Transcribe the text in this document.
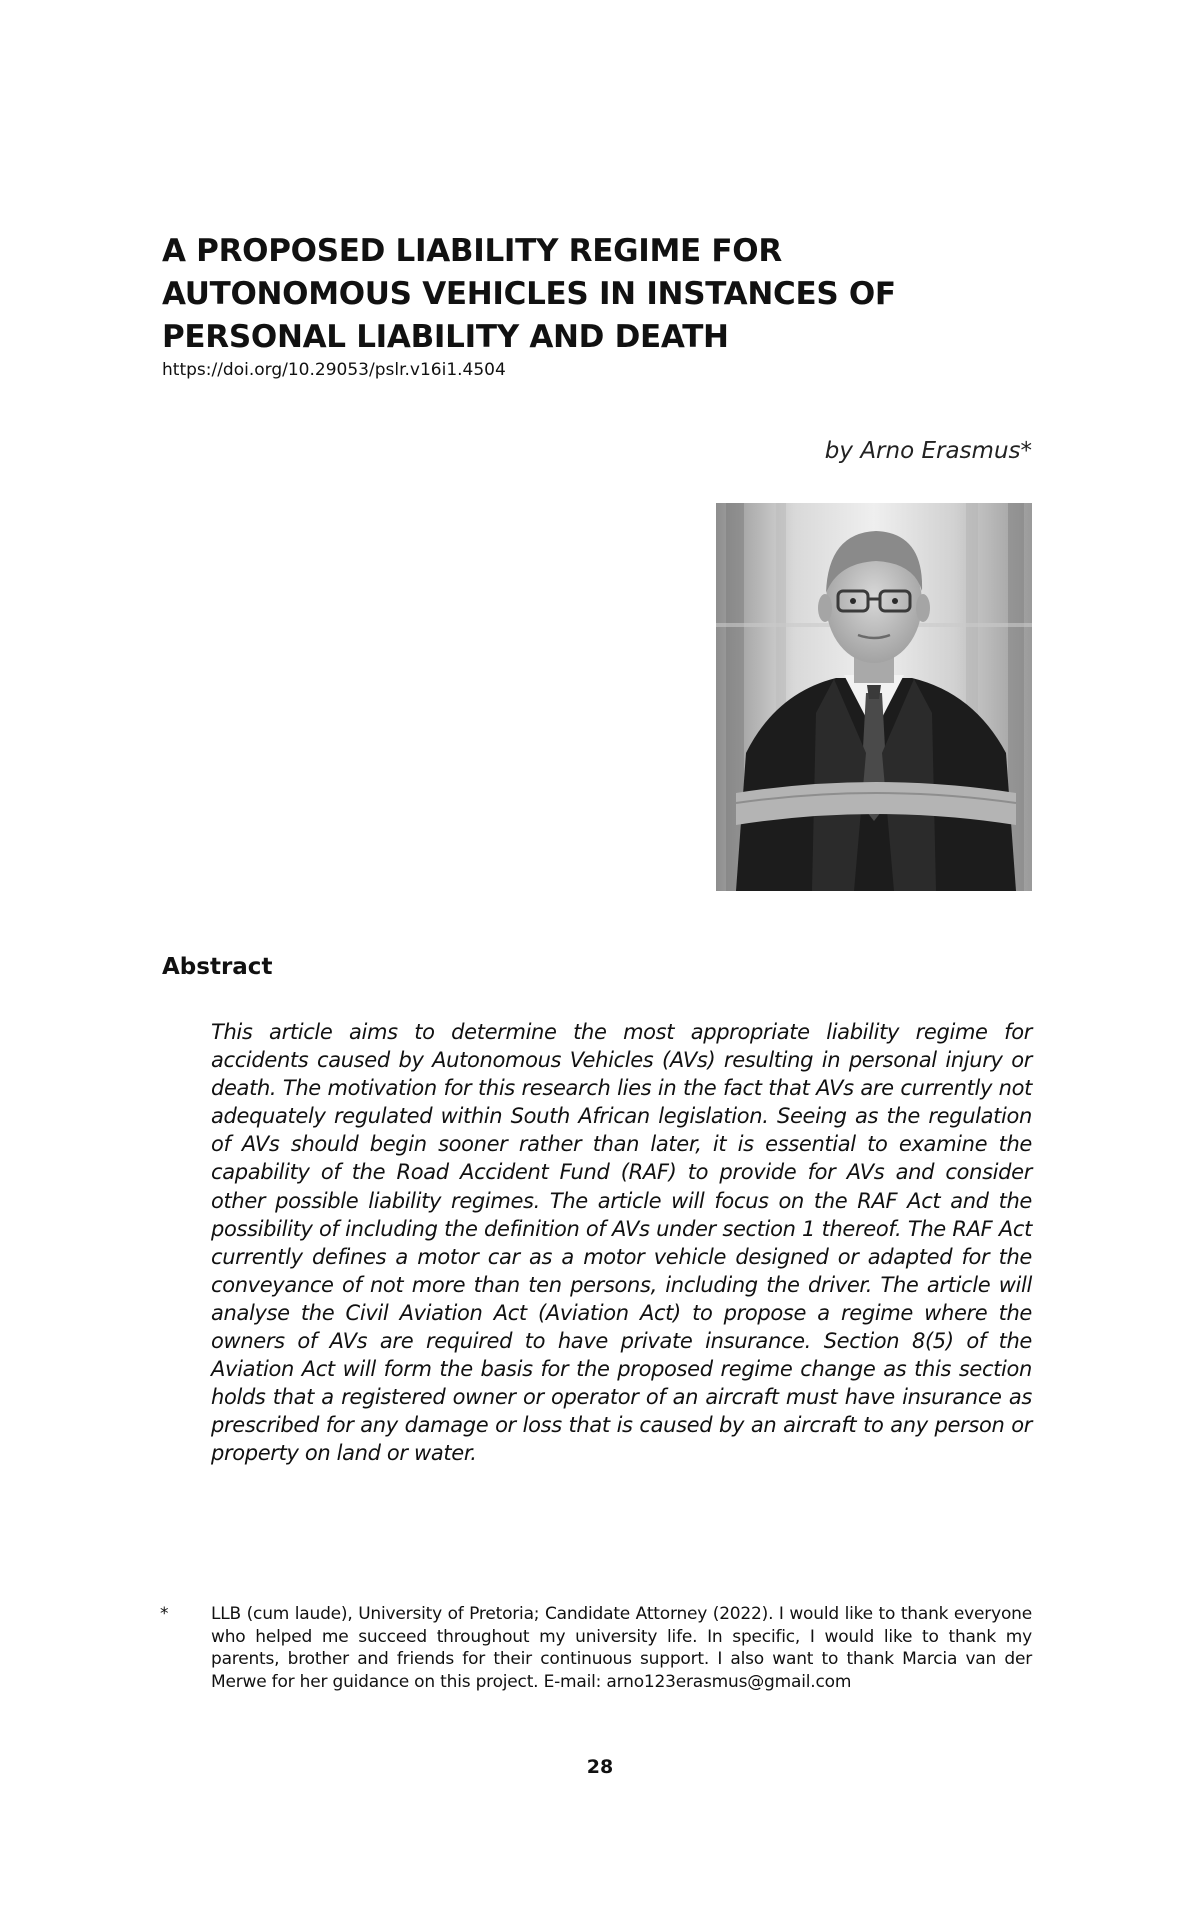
A PROPOSED LIABILITY REGIME FOR AUTONOMOUS VEHICLES IN INSTANCES OF PERSONAL LIABILITY AND DEATH
https://doi.org/10.29053/pslr.v16i1.4504
by Arno Erasmus*
Abstract

This article aims to determine the most appropriate liability regime for accidents caused by Autonomous Vehicles (AVs) resulting in personal injury or death. The motivation for this research lies in the fact that AVs are currently not adequately regulated within South African legislation. Seeing as the regulation of AVs should begin sooner rather than later, it is essential to examine the capability of the Road Accident Fund (RAF) to provide for AVs and consider other possible liability regimes. The article will focus on the RAF Act and the possibility of including the definition of AVs under section 1 thereof. The RAF Act currently defines a motor car as a motor vehicle designed or adapted for the conveyance of not more than ten persons, including the driver. The article will analyse the Civil Aviation Act (Aviation Act) to propose a regime where the owners of AVs are required to have private insurance. Section 8(5) of the Aviation Act will form the basis for the proposed regime change as this section holds that a registered owner or operator of an aircraft must have insurance as prescribed for any damage or loss that is caused by an aircraft to any person or property on land or water.

*	LLB (cum laude), University of Pretoria; Candidate Attorney (2022). I would like to thank everyone who helped me succeed throughout my university life. In specific, I would like to thank my parents, brother and friends for their continuous support. I also want to thank Marcia van der Merwe for her guidance on this project. E-mail: arno123erasmus@gmail.com
28
